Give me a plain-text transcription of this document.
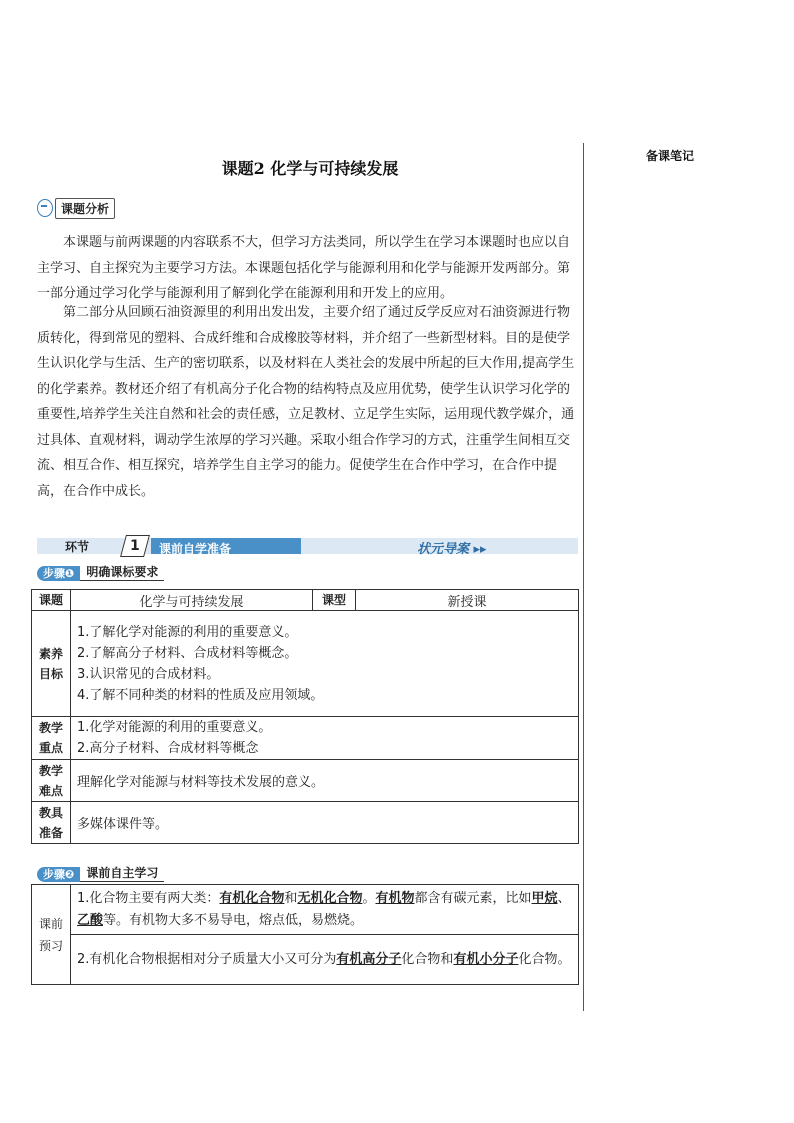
备课笔记
课题2 化学与可持续发展
课题分析
本课题与前两课题的内容联系不大，但学习方法类同，所以学生在学习本课题时也应以自主学习、自主探究为主要学习方法。本课题包括化学与能源利用和化学与能源开发两部分。第一部分通过学习化学与能源利用了解到化学在能源利用和开发上的应用。
第二部分从回顾石油资源里的利用出发出发，主要介绍了通过反学反应对石油资源进行物质转化，得到常见的塑料、合成纤维和合成橡胶等材料，并介绍了一些新型材料。目的是使学生认识化学与生活、生产的密切联系，以及材料在人类社会的发展中所起的巨大作用,提高学生的化学素养。教材还介绍了有机高分子化合物的结构特点及应用优势，使学生认识学习化学的重要性,培养学生关注自然和社会的责任感，立足教材、立足学生实际，运用现代教学媒介，通过具体、直观材料，调动学生浓厚的学习兴趣。采取小组合作学习的方式，注重学生间相互交流、相互合作、相互探究，培养学生自主学习的能力。促使学生在合作中学习，在合作中提高，在合作中成长。
环节	1	课前自学准备	状元导案 ▸▸
步骤❶	明确课标要求
课题	化学与可持续发展	课型	新授课
素养目标	1.了解化学对能源的利用的重要意义。
2.了解高分子材料、合成材料等概念。
3.认识常见的合成材料。
4.了解不同种类的材料的性质及应用领域。		

教学重点	1.化学对能源的利用的重要意义。
2.高分子材料、合成材料等概念		

教学难点	理解化学对能源与材料等技术发展的意义。		
教具准备	多媒体课件等。		
步骤❷	课前自主学习
课前预习	1.化合物主要有两大类：有机化合物和无机化合物。有机物都含有碳元素，比如甲烷、乙酸等。有机物大多不易导电，熔点低，易燃烧。
2.有机化合物根据相对分子质量大小又可分为有机高分子化合物和有机小分子化合物。
